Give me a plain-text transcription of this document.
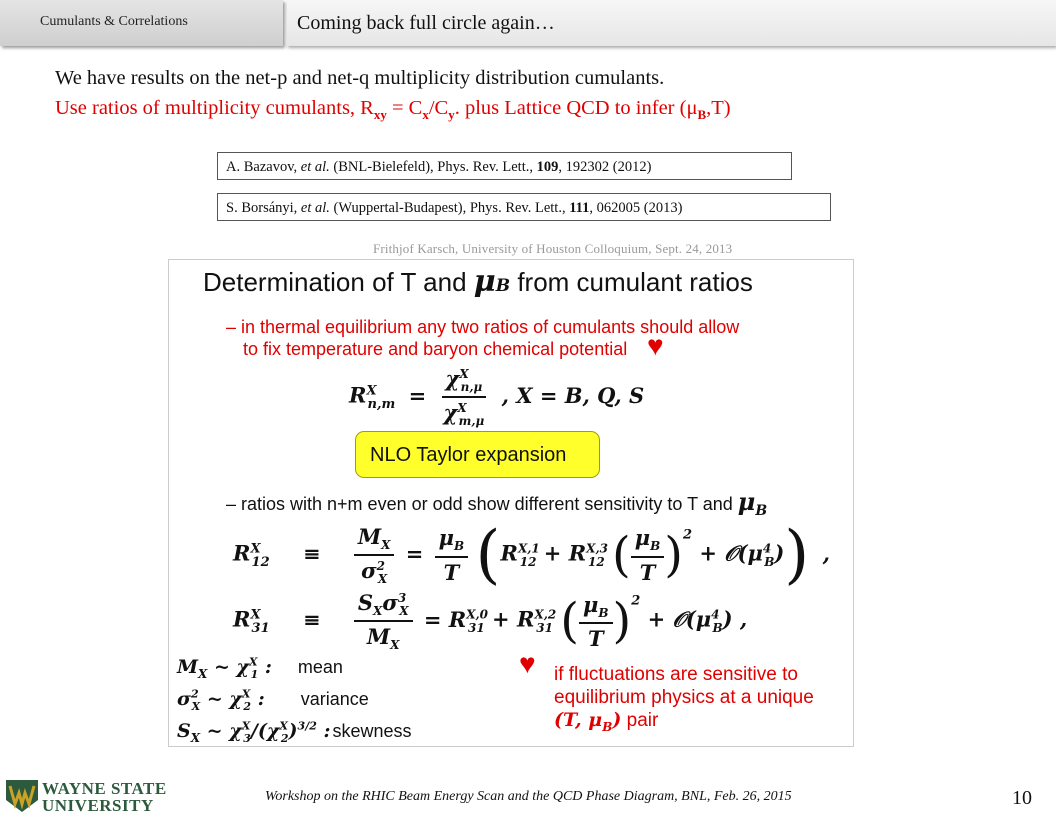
Cumulants & Correlations	Coming back full circle again…
We have results on the net-p and net-q multiplicity distribution cumulants.
Use ratios of multiplicity cumulants, $R_{xy} = C_x/C_y$. plus Lattice QCD to infer $(\mu_B,T)$
A. Bazavov, et al. (BNL-Bielefeld), Phys. Rev. Lett., 109, 192302 (2012)
S. Borsányi, et al. (Wuppertal-Budapest), Phys. Rev. Lett., 111, 062005 (2013)
Frithjof Karsch, University of Houston Colloquium, Sept. 24, 2013
Determination of T and μB from cumulant ratios
– in thermal equilibrium any two ratios of cumulants should allow
to fix temperature and baryon chemical potential ♥
$R^X_{n,m} = \frac{\chi^X_{n,\mu}}{\chi^X_{m,\mu}}$ , X = B, Q, S
NLO Taylor expansion
– ratios with n+m even or odd show different sensitivity to T and $\mu_B$
$R^X_{12} \equiv \frac{M_X}{\sigma^2_X} = \frac{\mu_B}{T} (R^{X,1}_{12} + R^{X,3}_{12}$ ( $\frac{\mu_B}{T} )^2$ + $𝒪(\mu^4_B)$) ,
$R^X_{31} \equiv \frac{S_X\sigma^3_X}{M_X} = R^{X,0}_{31} + R^{X,2}_{31}$ ( $\frac{\mu_B}{T} )^2$ + $𝒪(\mu^4_B)$ ,
$M_X$ ~ $\chi^X_1$ : mean
$\sigma^2_X$ ~ $\chi^X_2$ : variance
$S_X$ ~ $\chi^X_3/(\chi^X_2)^{3/2}$ : skewness
♥ if fluctuations are sensitive to
equilibrium physics at a unique
(T, $\mu_B$) pair
WAYNE STATE
UNIVERSITY	Workshop on the RHIC Beam Energy Scan and the QCD Phase Diagram, BNL, Feb. 26, 2015	10
